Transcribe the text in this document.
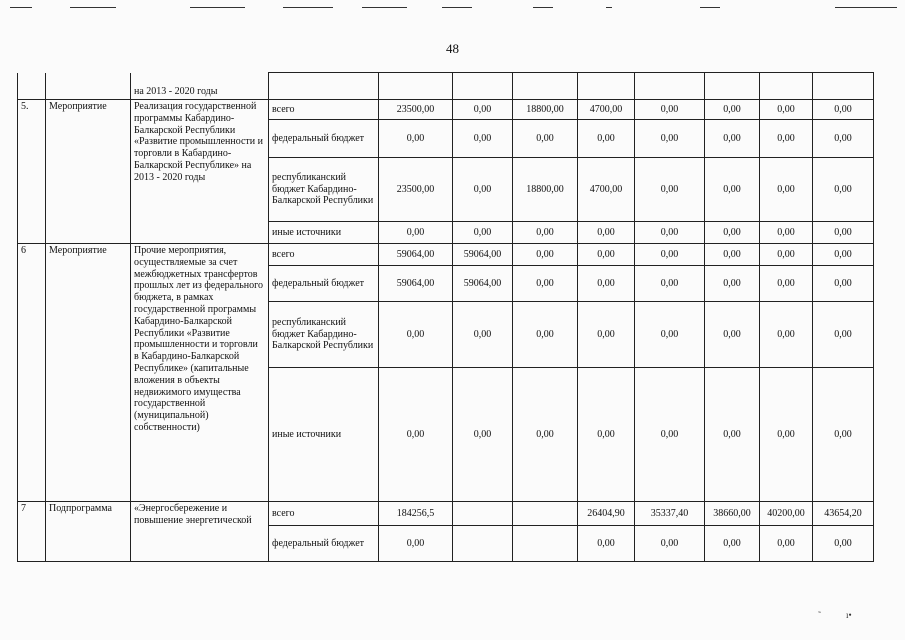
48
		на 2013 - 2020 годы									
5.	Мероприятие	Реализация государственной программы Кабардино-Балкарской Республики «Развитие промышленности и торговли в Кабардино-Балкарской Республике» на 2013 - 2020 годы	всего	23500,00	0,00	18800,00	4700,00	0,00	0,00	0,00	0,00
			федеральный бюджет	0,00	0,00	0,00	0,00	0,00	0,00	0,00	0,00
			республиканский бюджет Кабардино-Балкарской Республики	23500,00	0,00	18800,00	4700,00	0,00	0,00	0,00	0,00
			иные источники	0,00	0,00	0,00	0,00	0,00	0,00	0,00	0,00
6	Мероприятие	Прочие мероприятия, осуществляемые за счет межбюджетных трансфертов прошлых лет из федерального бюджета, в рамках государственной программы Кабардино-Балкарской Республики «Развитие промышленности и торговли в Кабардино-Балкарской Республике» (капитальные вложения в объекты недвижимого имущества государственной (муниципальной) собственности)	всего	59064,00	59064,00	0,00	0,00	0,00	0,00	0,00	0,00
			федеральный бюджет	59064,00	59064,00	0,00	0,00	0,00	0,00	0,00	0,00
			республиканский бюджет Кабардино-Балкарской Республики	0,00	0,00	0,00	0,00	0,00	0,00	0,00	0,00
			иные источники	0,00	0,00	0,00	0,00	0,00	0,00	0,00	0,00
7	Подпрограмма	«Энергосбережение и повышение энергетической	всего	184256,5			26404,90	35337,40	38660,00	40200,00	43654,20
			федеральный бюджет	0,00			0,00	0,00	0,00	0,00	0,00
˜	ı•
